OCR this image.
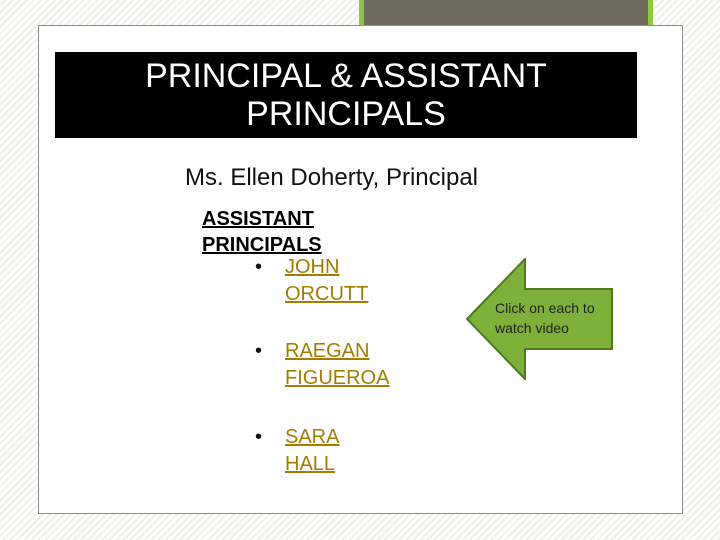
PRINCIPAL & ASSISTANT
PRINCIPALS
Ms. Ellen Doherty, Principal
ASSISTANT PRINCIPALS
• JOHN
ORCUTT
• RAEGAN
FIGUEROA
• SARA HALL
Click on each to watch video
